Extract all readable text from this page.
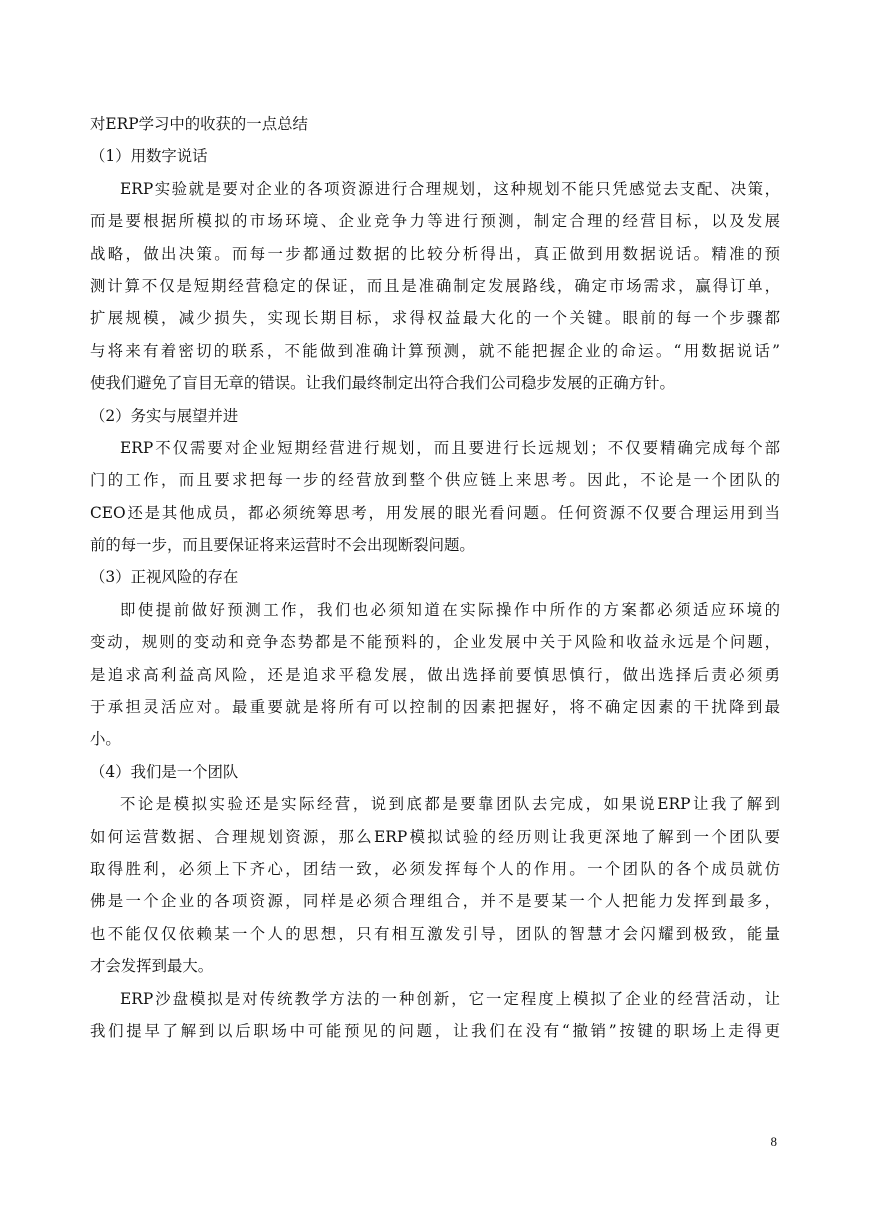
对ERP学习中的收获的一点总结
（1）用数字说话
ERP实验就是要对企业的各项资源进行合理规划，这种规划不能只凭感觉去支配、决策，
而是要根据所模拟的市场环境、企业竞争力等进行预测，制定合理的经营目标，以及发展
战略，做出决策。而每一步都通过数据的比较分析得出，真正做到用数据说话。精准的预
测计算不仅是短期经营稳定的保证，而且是准确制定发展路线，确定市场需求，赢得订单，
扩展规模，减少损失，实现长期目标，求得权益最大化的一个关键。眼前的每一个步骤都
与将来有着密切的联系，不能做到准确计算预测，就不能把握企业的命运。“用数据说话”
使我们避免了盲目无章的错误。让我们最终制定出符合我们公司稳步发展的正确方针。
（2）务实与展望并进
ERP不仅需要对企业短期经营进行规划，而且要进行长远规划；不仅要精确完成每个部
门的工作，而且要求把每一步的经营放到整个供应链上来思考。因此，不论是一个团队的
CEO还是其他成员，都必须统筹思考，用发展的眼光看问题。任何资源不仅要合理运用到当
前的每一步，而且要保证将来运营时不会出现断裂问题。
（3）正视风险的存在
即使提前做好预测工作，我们也必须知道在实际操作中所作的方案都必须适应环境的
变动，规则的变动和竞争态势都是不能预料的，企业发展中关于风险和收益永远是个问题，
是追求高利益高风险，还是追求平稳发展，做出选择前要慎思慎行，做出选择后责必须勇
于承担灵活应对。最重要就是将所有可以控制的因素把握好，将不确定因素的干扰降到最
小。
（4）我们是一个团队
不论是模拟实验还是实际经营，说到底都是要靠团队去完成，如果说ERP让我了解到
如何运营数据、合理规划资源，那么ERP模拟试验的经历则让我更深地了解到一个团队要
取得胜利，必须上下齐心，团结一致，必须发挥每个人的作用。一个团队的各个成员就仿
佛是一个企业的各项资源，同样是必须合理组合，并不是要某一个人把能力发挥到最多，
也不能仅仅依赖某一个人的思想，只有相互激发引导，团队的智慧才会闪耀到极致，能量
才会发挥到最大。
ERP沙盘模拟是对传统教学方法的一种创新，它一定程度上模拟了企业的经营活动，让
我们提早了解到以后职场中可能预见的问题，让我们在没有“撤销”按键的职场上走得更
8
